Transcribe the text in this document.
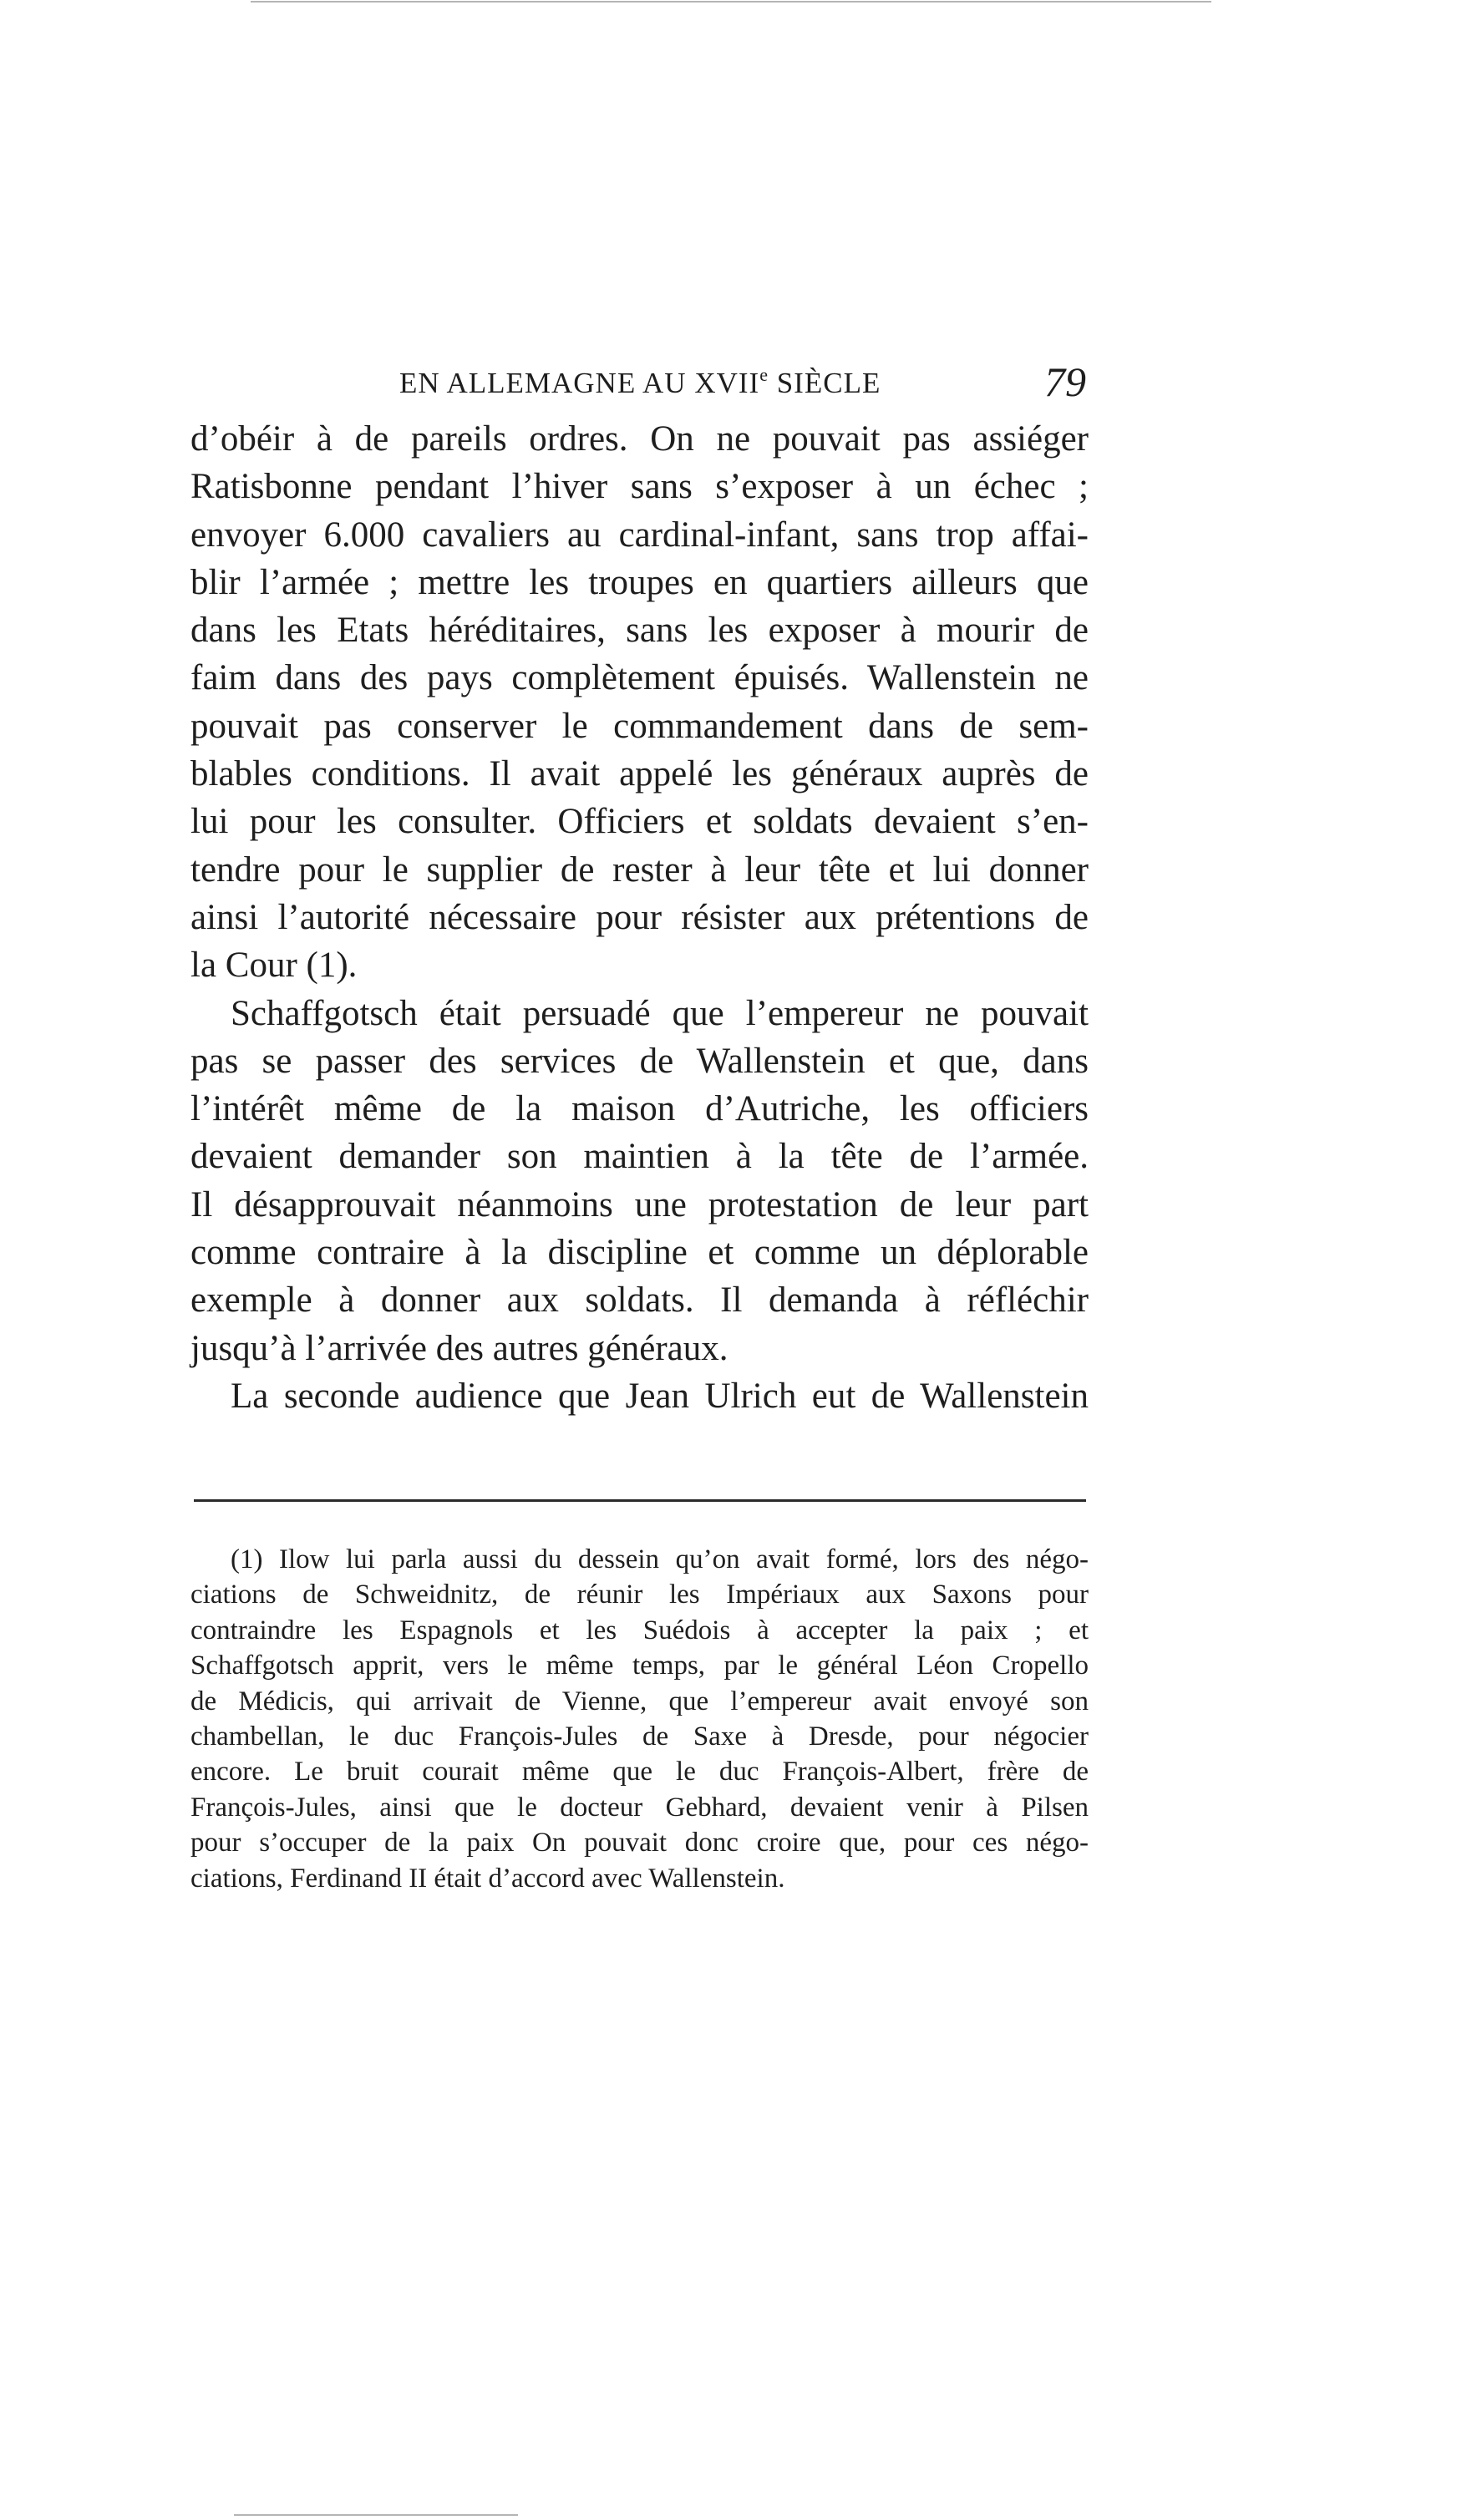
EN ALLEMAGNE AU XVIIe SIÈCLE	79
d’obéir à de pareils ordres. On ne pouvait pas assiéger
Ratisbonne pendant l’hiver sans s’exposer à un échec ;
envoyer 6.000 cavaliers au cardinal-infant, sans trop affai-
blir l’armée ; mettre les troupes en quartiers ailleurs que
dans les Etats héréditaires, sans les exposer à mourir de
faim dans des pays complètement épuisés. Wallenstein ne
pouvait pas conserver le commandement dans de sem-
blables conditions. Il avait appelé les généraux auprès de
lui pour les consulter. Officiers et soldats devaient s’en-
tendre pour le supplier de rester à leur tête et lui donner
ainsi l’autorité nécessaire pour résister aux prétentions de
la Cour (1).
Schaffgotsch était persuadé que l’empereur ne pouvait
pas se passer des services de Wallenstein et que, dans
l’intérêt même de la maison d’Autriche, les officiers
devaient demander son maintien à la tête de l’armée.
Il désapprouvait néanmoins une protestation de leur part
comme contraire à la discipline et comme un déplorable
exemple à donner aux soldats. Il demanda à réfléchir
jusqu’à l’arrivée des autres généraux.
La seconde audience que Jean Ulrich eut de Wallenstein
(1) Ilow lui parla aussi du dessein qu’on avait formé, lors des négo-
ciations de Schweidnitz, de réunir les Impériaux aux Saxons pour
contraindre les Espagnols et les Suédois à accepter la paix ; et
Schaffgotsch apprit, vers le même temps, par le général Léon Cropello
de Médicis, qui arrivait de Vienne, que l’empereur avait envoyé son
chambellan, le duc François-Jules de Saxe à Dresde, pour négocier
encore. Le bruit courait même que le duc François-Albert, frère de
François-Jules, ainsi que le docteur Gebhard, devaient venir à Pilsen
pour s’occuper de la paix On pouvait donc croire que, pour ces négo-
ciations, Ferdinand II était d’accord avec Wallenstein.
